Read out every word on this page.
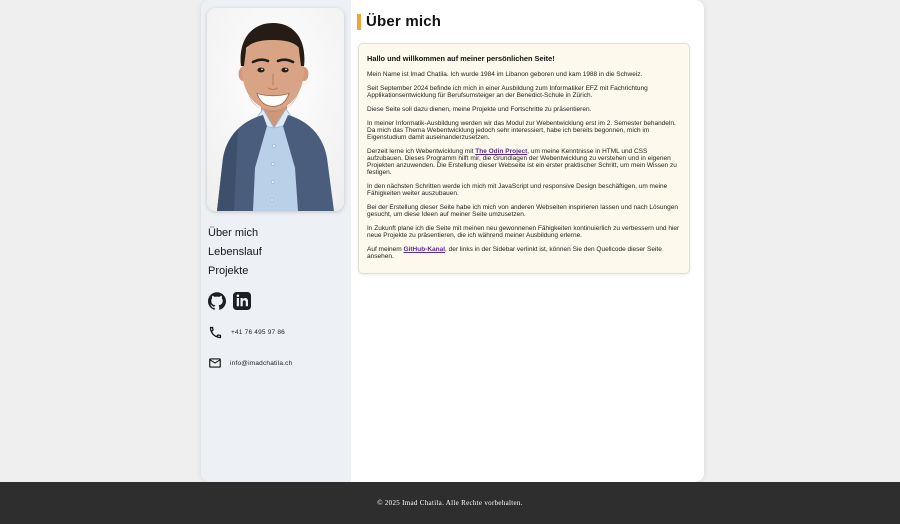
Über mich
Lebenslauf
Projekte
+41 76 495 97 86
info@imadchatila.ch
Über mich

Hallo und willkommen auf meiner persönlichen Seite!

Mein Name ist Imad Chatila. Ich wurde 1984 im Libanon geboren und kam 1988 in die Schweiz.

Seit September 2024 befinde ich mich in einer Ausbildung zum Informatiker EFZ mit Fachrichtung Applikationsentwicklung für Berufsumsteiger an der Benedict-Schule in Zürich.

Diese Seite soll dazu dienen, meine Projekte und Fortschritte zu präsentieren.

In meiner Informatik-Ausbildung werden wir das Modul zur Webentwicklung erst im 2. Semester behandeln. Da mich das Thema Webentwicklung jedoch sehr interessiert, habe ich bereits begonnen, mich im Eigenstudium damit auseinanderzusetzen.

Derzeit lerne ich Webentwicklung mit The Odin Project, um meine Kenntnisse in HTML und CSS aufzubauen. Dieses Programm hilft mir, die Grundlagen der Webentwicklung zu verstehen und in eigenen Projekten anzuwenden. Die Erstellung dieser Webseite ist ein erster praktischer Schritt, um mein Wissen zu festigen.

In den nächsten Schritten werde ich mich mit JavaScript und responsive Design beschäftigen, um meine Fähigkeiten weiter auszubauen.

Bei der Erstellung dieser Seite habe ich mich von anderen Webseiten inspirieren lassen und nach Lösungen gesucht, um diese Ideen auf meiner Seite umzusetzen.

In Zukunft plane ich die Seite mit meinen neu gewonnenen Fähigkeiten kontinuierlich zu verbessern und hier neue Projekte zu präsentieren, die ich während meiner Ausbildung erlerne.

Auf meinem GitHub-Kanal, der links in der Sidebar verlinkt ist, können Sie den Quellcode dieser Seite ansehen.

© 2025 Imad Chatila. Alle Rechte vorbehalten.
